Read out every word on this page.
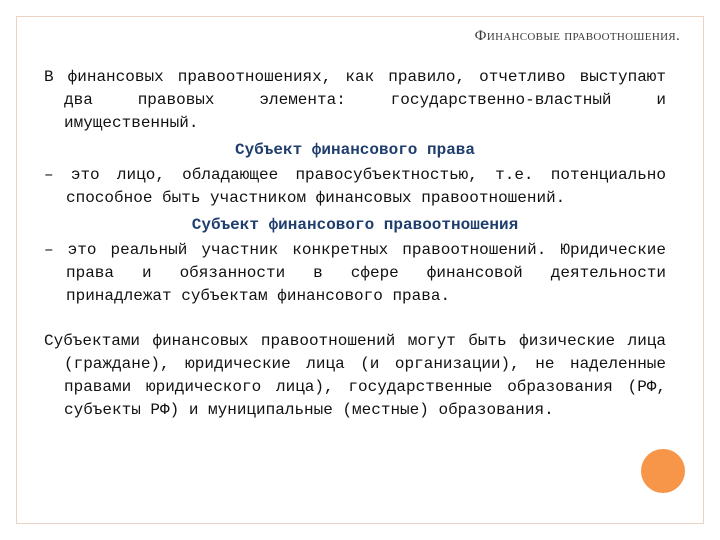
Финансовые правоотношения.

В финансовых правоотношениях, как правило, отчетливо выступают два правовых элемента: государственно-властный и имущественный.

Субъект финансового права

– это лицо, обладающее правосубъектностью, т.е. потенциально способное быть участником финансовых правоотношений.

Субъект финансового правоотношения

– это реальный участник конкретных правоотношений. Юридические права и обязанности в сфере финансовой деятельности принадлежат субъектам финансового права.

Субъектами финансовых правоотношений могут быть физические лица (граждане), юридические лица (и организации), не наделенные правами юридического лица), государственные образования (РФ, субъекты РФ) и муниципальные (местные) образования.
